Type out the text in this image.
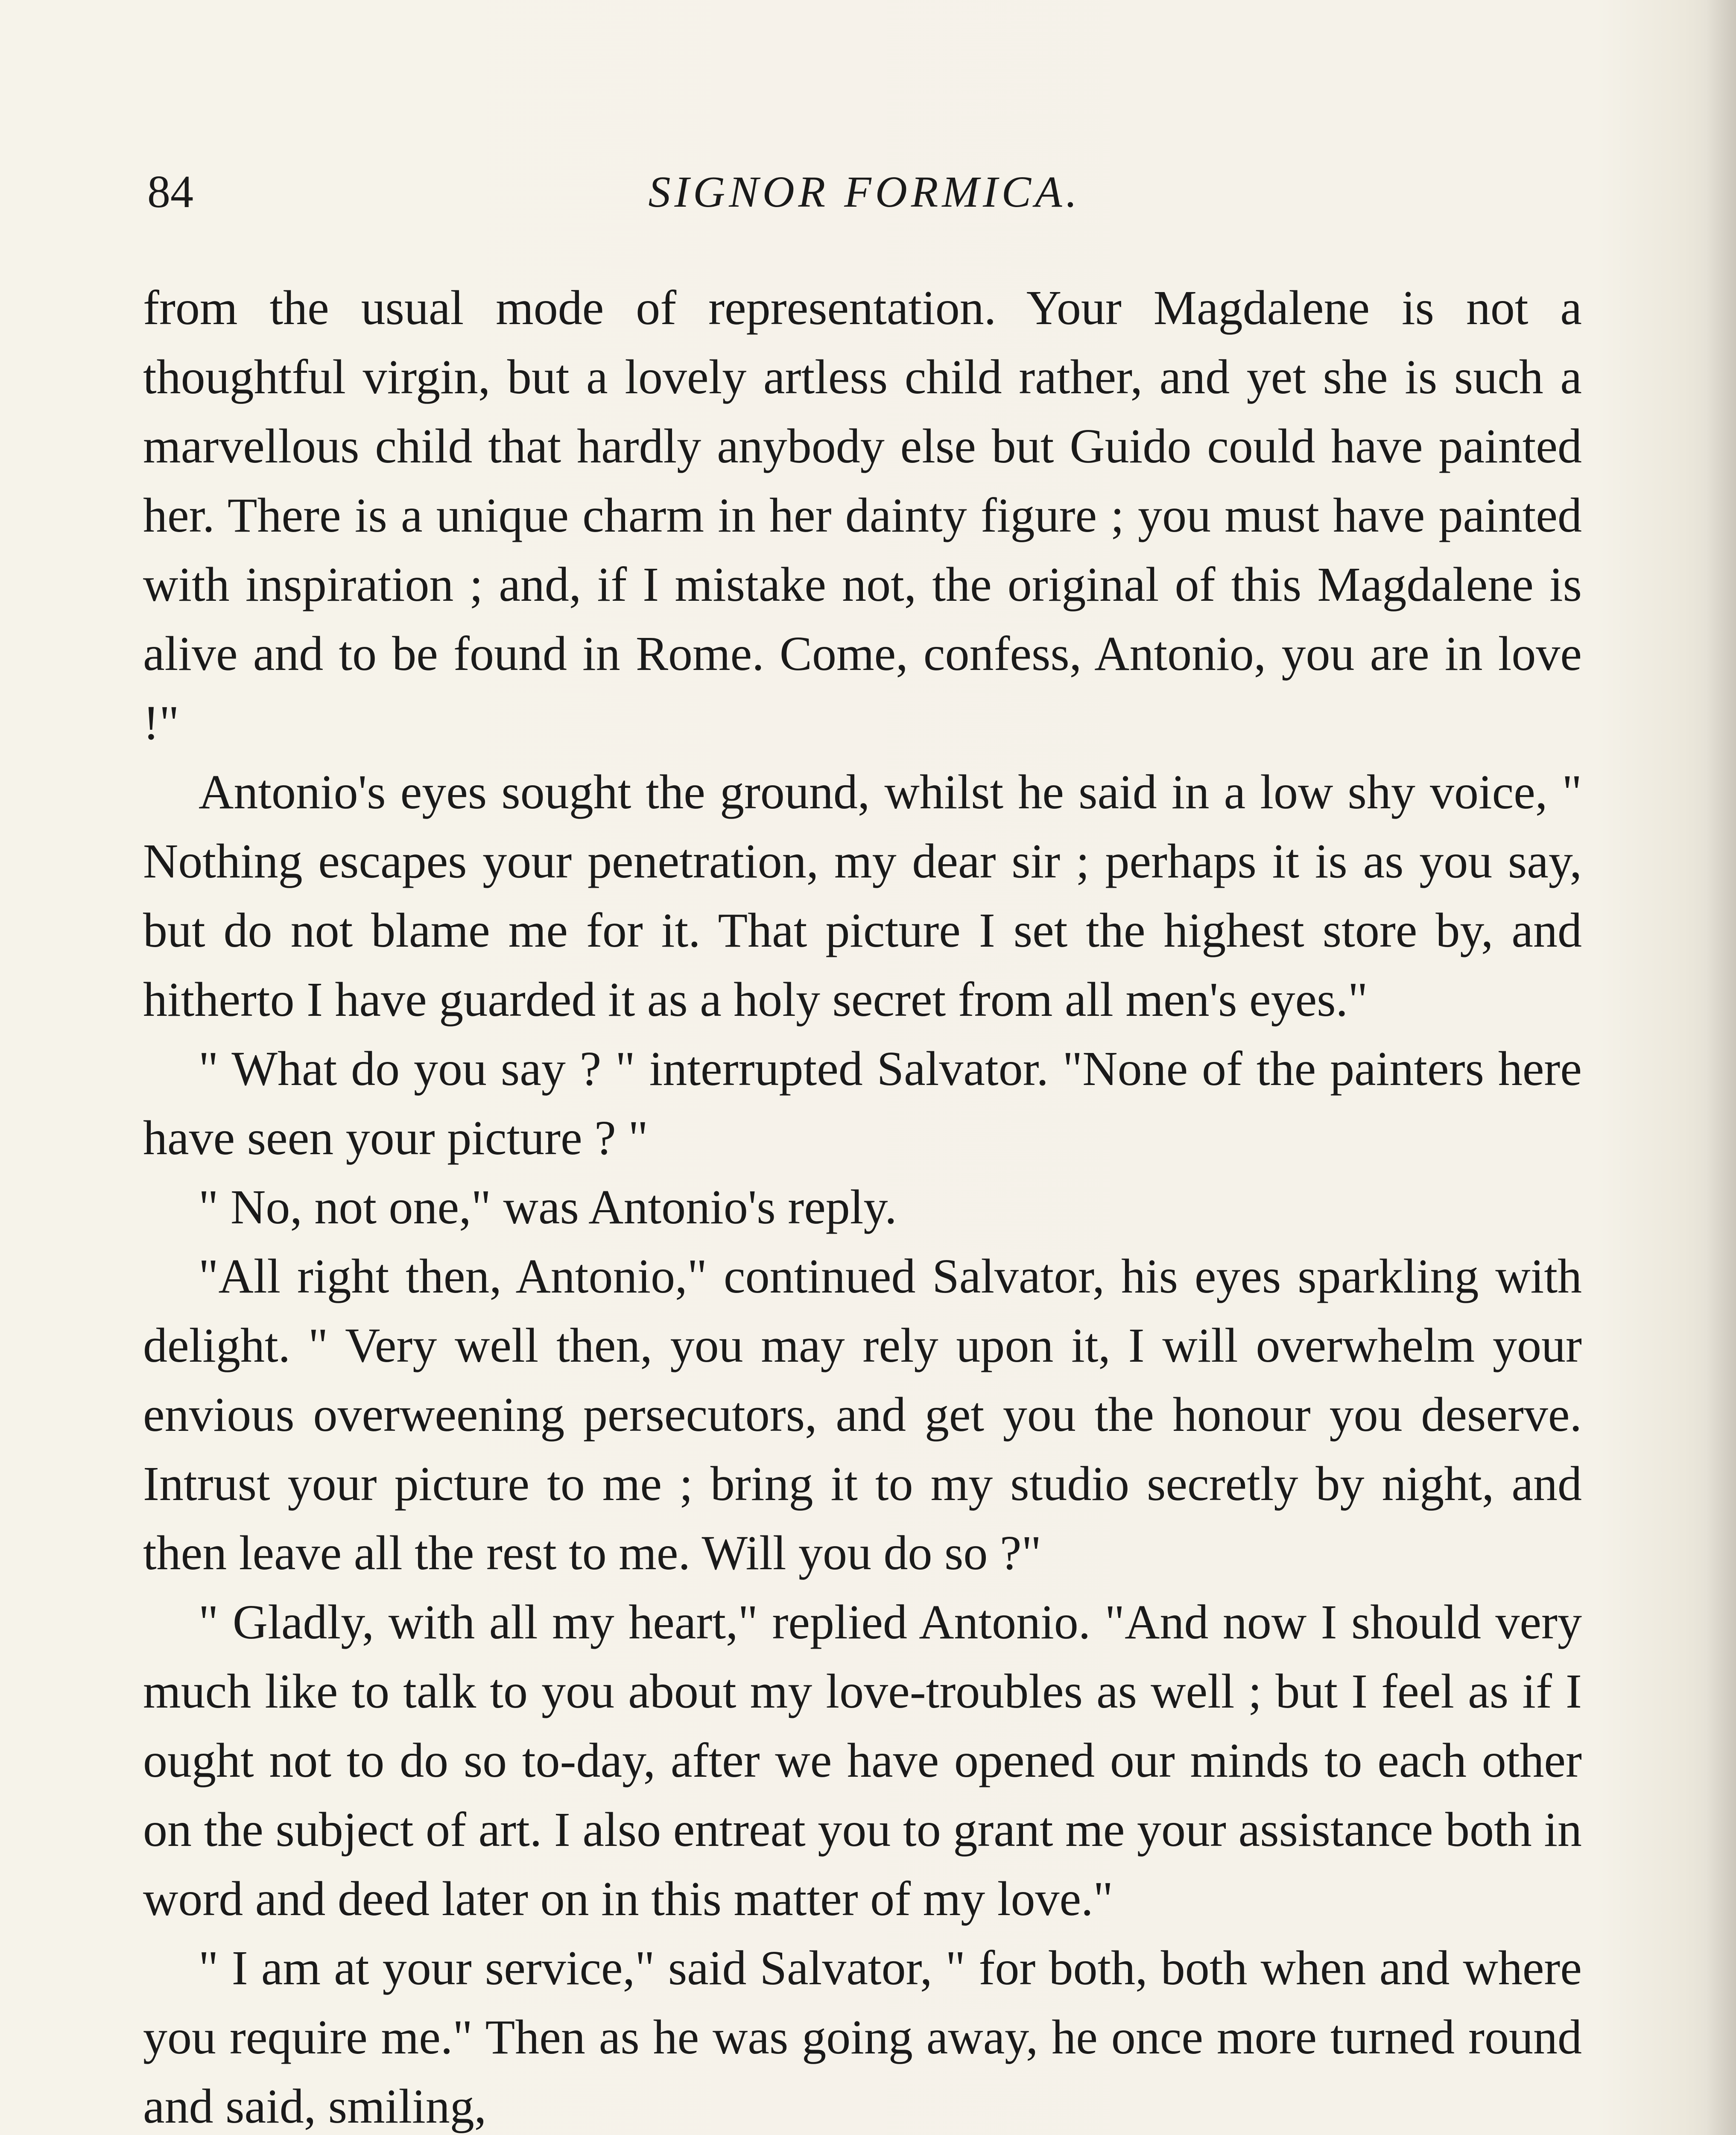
84	SIGNOR FORMICA.

from the usual mode of representation. Your Magdalene is not a thoughtful virgin, but a lovely artless child rather, and yet she is such a marvellous child that hardly anybody else but Guido could have painted her. There is a unique charm in her dainty figure ; you must have painted with inspiration ; and, if I mistake not, the original of this Magdalene is alive and to be found in Rome. Come, confess, Antonio, you are in love !"

Antonio's eyes sought the ground, whilst he said in a low shy voice, " Nothing escapes your penetration, my dear sir ; perhaps it is as you say, but do not blame me for it. That picture I set the highest store by, and hitherto I have guarded it as a holy secret from all men's eyes."

" What do you say ? " interrupted Salvator. "None of the painters here have seen your picture ? "

" No, not one," was Antonio's reply.

"All right then, Antonio," continued Salvator, his eyes sparkling with delight. " Very well then, you may rely upon it, I will overwhelm your envious overweening persecutors, and get you the honour you deserve. Intrust your picture to me ; bring it to my studio secretly by night, and then leave all the rest to me. Will you do so ?"

" Gladly, with all my heart," replied Antonio. "And now I should very much like to talk to you about my love-troubles as well ; but I feel as if I ought not to do so to-day, after we have opened our minds to each other on the subject of art. I also entreat you to grant me your assistance both in word and deed later on in this matter of my love."

" I am at your service," said Salvator, " for both, both when and where you require me." Then as he was going away, he once more turned round and said, smiling,
